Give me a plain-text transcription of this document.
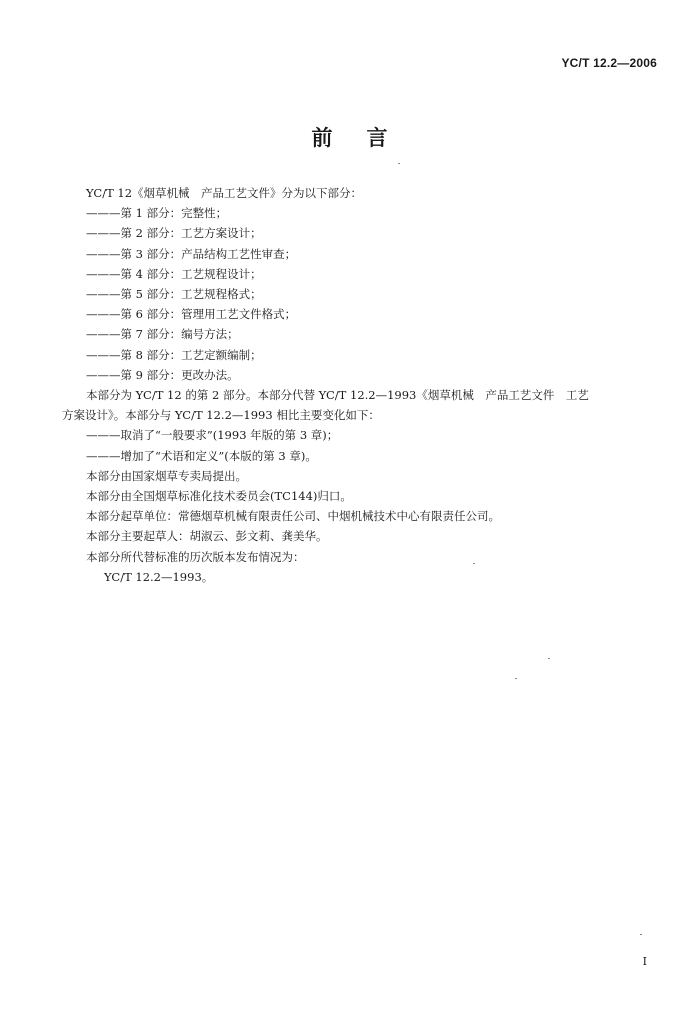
YC/T 12.2—2006
前言
YC/T 12《烟草机械　产品工艺文件》分为以下部分：
———第 1 部分：完整性；
———第 2 部分：工艺方案设计；
———第 3 部分：产品结构工艺性审查；
———第 4 部分：工艺规程设计；
———第 5 部分：工艺规程格式；
———第 6 部分：管理用工艺文件格式；
———第 7 部分：编号方法；
———第 8 部分：工艺定额编制；
———第 9 部分：更改办法。
本部分为 YC/T 12 的第 2 部分。本部分代替 YC/T 12.2—1993《烟草机械　产品工艺文件　工艺
方案设计》。本部分与 YC/T 12.2—1993 相比主要变化如下：
———取消了“一般要求”(1993 年版的第 3 章)；
———增加了“术语和定义”(本版的第 3 章)。
本部分由国家烟草专卖局提出。
本部分由全国烟草标准化技术委员会(TC144)归口。
本部分起草单位：常德烟草机械有限责任公司、中烟机械技术中心有限责任公司。
本部分主要起草人：胡淑云、彭文莉、龚美华。
本部分所代替标准的历次版本发布情况为：
YC/T 12.2—1993。
I
